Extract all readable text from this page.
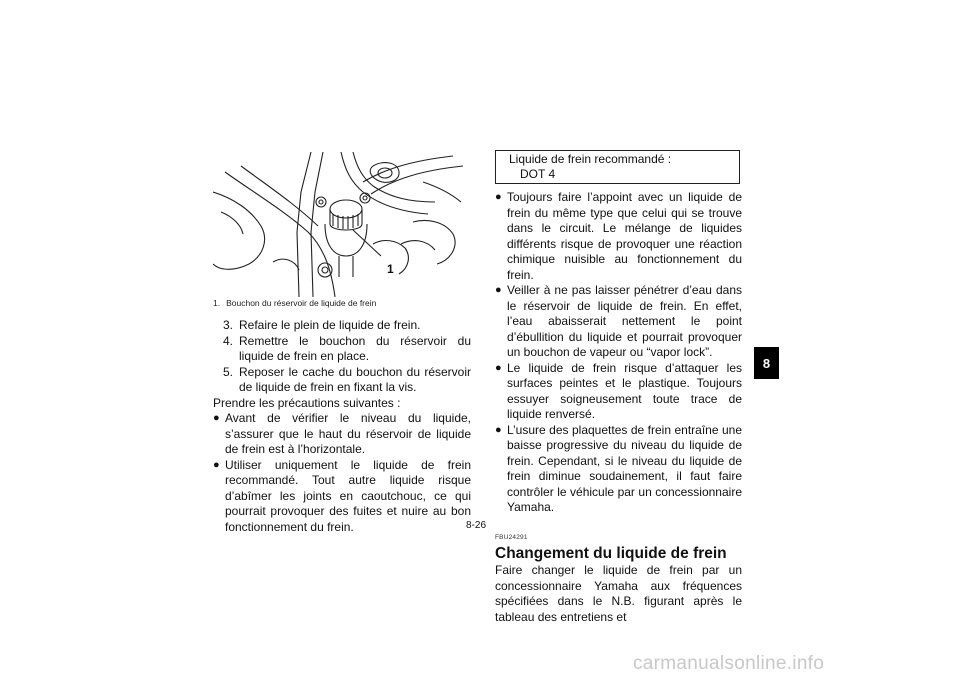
1
1. Bouchon du réservoir de liquide de frein
3. Refaire le plein de liquide de frein.
4. Remettre le bouchon du réservoir du liquide de frein en place.
5. Reposer le cache du bouchon du réservoir de liquide de frein en fixant la vis.

Prendre les précautions suivantes :

● Avant de vérifier le niveau du liquide, s’assurer que le haut du réservoir de liquide de frein est à l’horizontale.
● Utiliser uniquement le liquide de frein recommandé. Tout autre liquide risque d’abîmer les joints en caoutchouc, ce qui pourrait provoquer des fuites et nuire au bon fonctionnement du frein.
Liquide de frein recommandé :
DOT 4
● Toujours faire l’appoint avec un liquide de frein du même type que celui qui se trouve dans le circuit. Le mélange de liquides différents risque de provoquer une réaction chimique nuisible au fonctionnement du frein.
● Veiller à ne pas laisser pénétrer d’eau dans le réservoir de liquide de frein. En effet, l’eau abaisserait nettement le point d’ébullition du liquide et pourrait provoquer un bouchon de vapeur ou “vapor lock”.
● Le liquide de frein risque d’attaquer les surfaces peintes et le plastique. Toujours essuyer soigneusement toute trace de liquide renversé.
● L’usure des plaquettes de frein entraîne une baisse progressive du niveau du liquide de frein. Cependant, si le niveau du liquide de frein diminue soudainement, il faut faire contrôler le véhicule par un concessionnaire Yamaha.
FBU24291
Changement du liquide de frein

Faire changer le liquide de frein par un concessionnaire Yamaha aux fréquences spécifiées dans le N.B. figurant après le tableau des entretiens et

8-26
8
carmanualsonline.info
